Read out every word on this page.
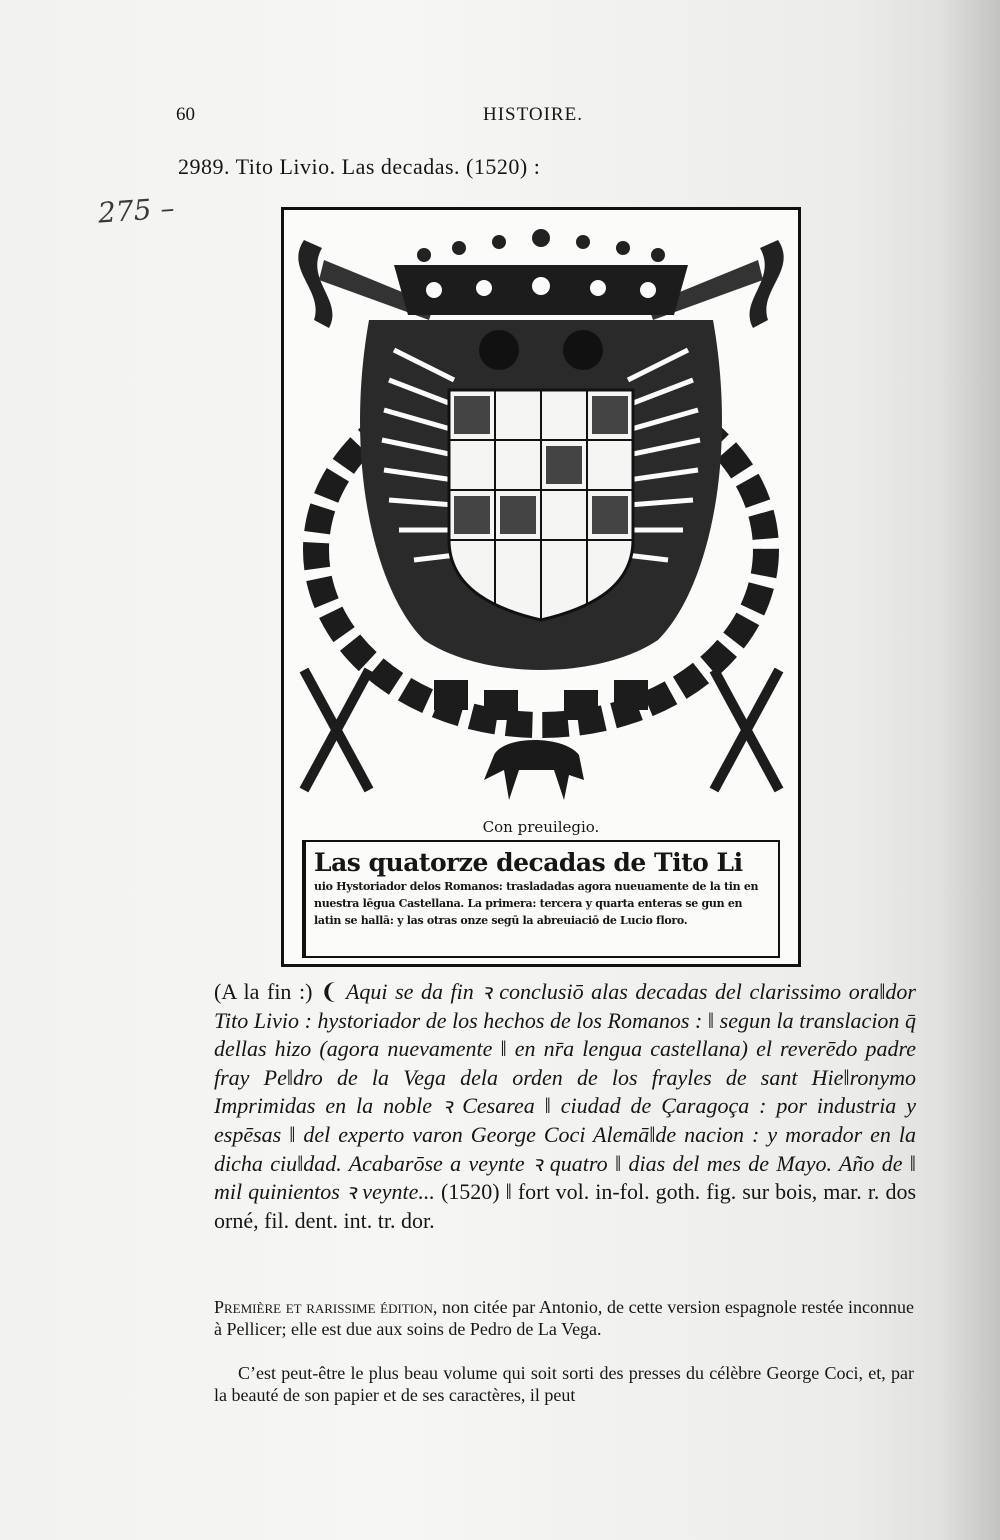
60	HISTOIRE.
2989. Tito Livio. Las decadas. (1520) :
275 –
Con preuilegio.
Las quatorze decadas de Tito Li
uio Hystoriador delos Romanos: trasladadas agora nueuamente de la tin en nuestra lēgua Castellana. La primera: tercera y quarta enteras se gun en latin se hallā: y las otras onze segū la abreuiaciō de Lucio floro.
(A la fin :) ❨ Aqui se da fin ꝛ conclusiō alas decadas del clarissimo ora‖dor Tito Livio : hystoriador de los hechos de los Romanos : ‖ segun la translacion q̄ dellas hizo (agora nuevamente ‖ en nr̄a lengua castellana) el reverēdo padre fray Pe‖dro de la Vega dela orden de los frayles de sant Hie‖ronymo Imprimidas en la noble ꝛ Cesarea ‖ ciudad de Çaragoça : por industria y espēsas ‖ del experto varon George Coci Alemā‖de nacion : y morador en la dicha ciu‖dad. Acabarōse a veynte ꝛ quatro ‖ dias del mes de Mayo. Año de ‖ mil quinientos ꝛ veynte... (1520) ‖ fort vol. in-fol. goth. fig. sur bois, mar. r. dos orné, fil. dent. int. tr. dor.
Première et rarissime édition, non citée par Antonio, de cette version espagnole restée inconnue à Pellicer; elle est due aux soins de Pedro de La Vega.
C’est peut-être le plus beau volume qui soit sorti des presses du célèbre George Coci, et, par la beauté de son papier et de ses caractères, il peut
